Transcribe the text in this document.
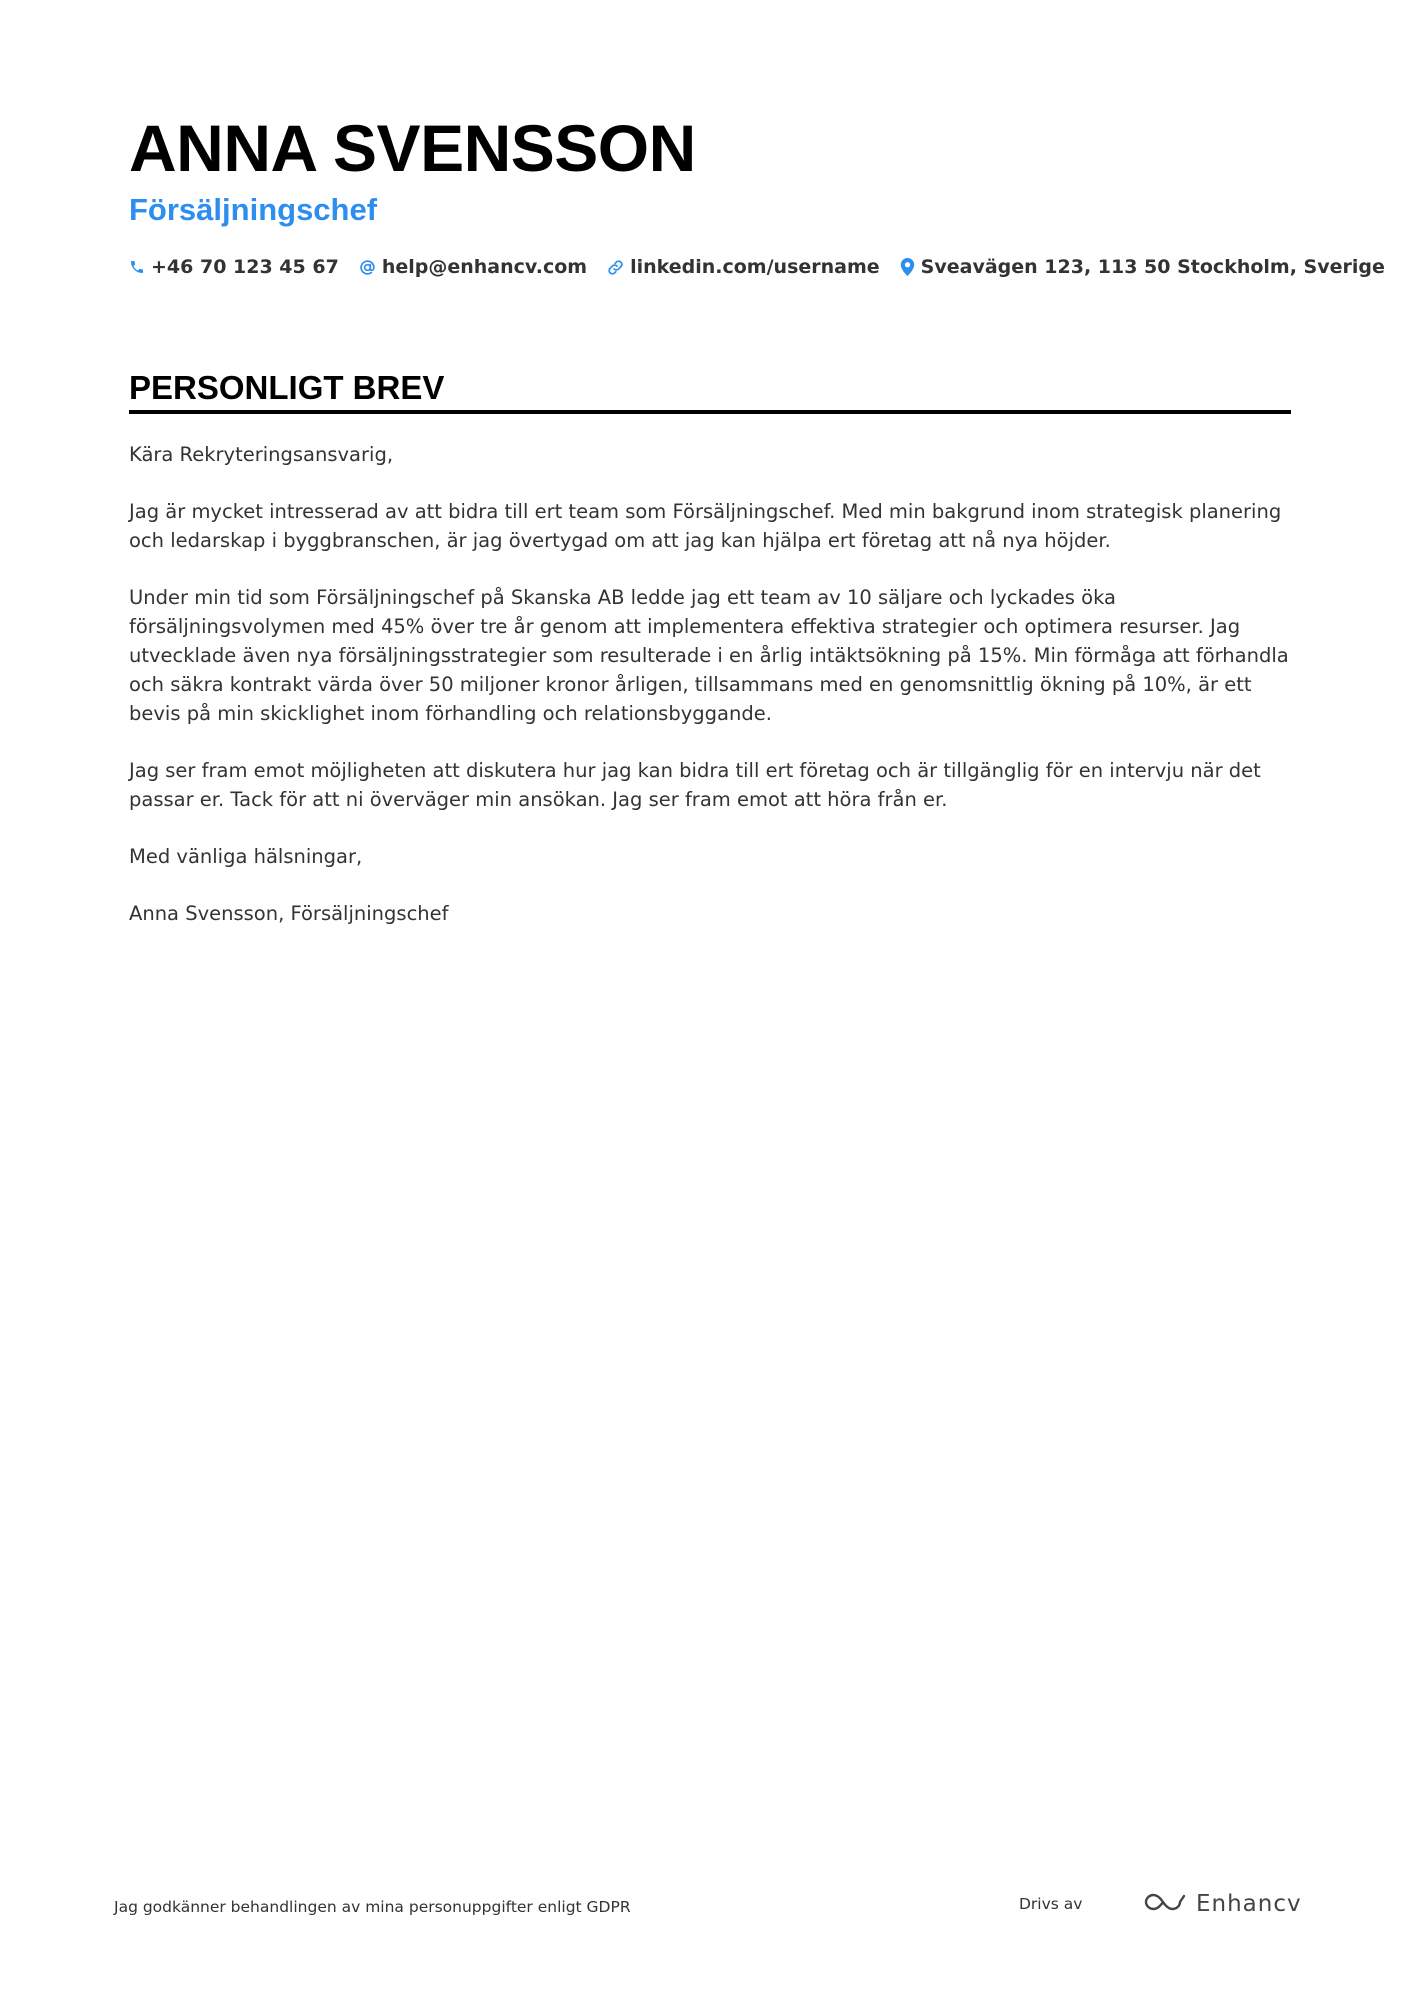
ANNA SVENSSON
Försäljningschef
+46 70 123 45 67 help@enhancv.com linkedin.com/username Sveavägen 123, 113 50 Stockholm, Sverige
PERSONLIGT BREV

Kära Rekryteringsansvarig,

Jag är mycket intresserad av att bidra till ert team som Försäljningschef. Med min bakgrund inom strategisk planering och ledarskap i byggbranschen, är jag övertygad om att jag kan hjälpa ert företag att nå nya höjder.

Under min tid som Försäljningschef på Skanska AB ledde jag ett team av 10 säljare och lyckades öka försäljningsvolymen med 45% över tre år genom att implementera effektiva strategier och optimera resurser. Jag utvecklade även nya försäljningsstrategier som resulterade i en årlig intäktsökning på 15%. Min förmåga att förhandla och säkra kontrakt värda över 50 miljoner kronor årligen, tillsammans med en genomsnittlig ökning på 10%, är ett bevis på min skicklighet inom förhandling och relationsbyggande.

Jag ser fram emot möjligheten att diskutera hur jag kan bidra till ert företag och är tillgänglig för en intervju när det passar er. Tack för att ni överväger min ansökan. Jag ser fram emot att höra från er.

Med vänliga hälsningar,

Anna Svensson, Försäljningschef

Jag godkänner behandlingen av mina personuppgifter enligt GDPR	Drivs av	Enhancv
